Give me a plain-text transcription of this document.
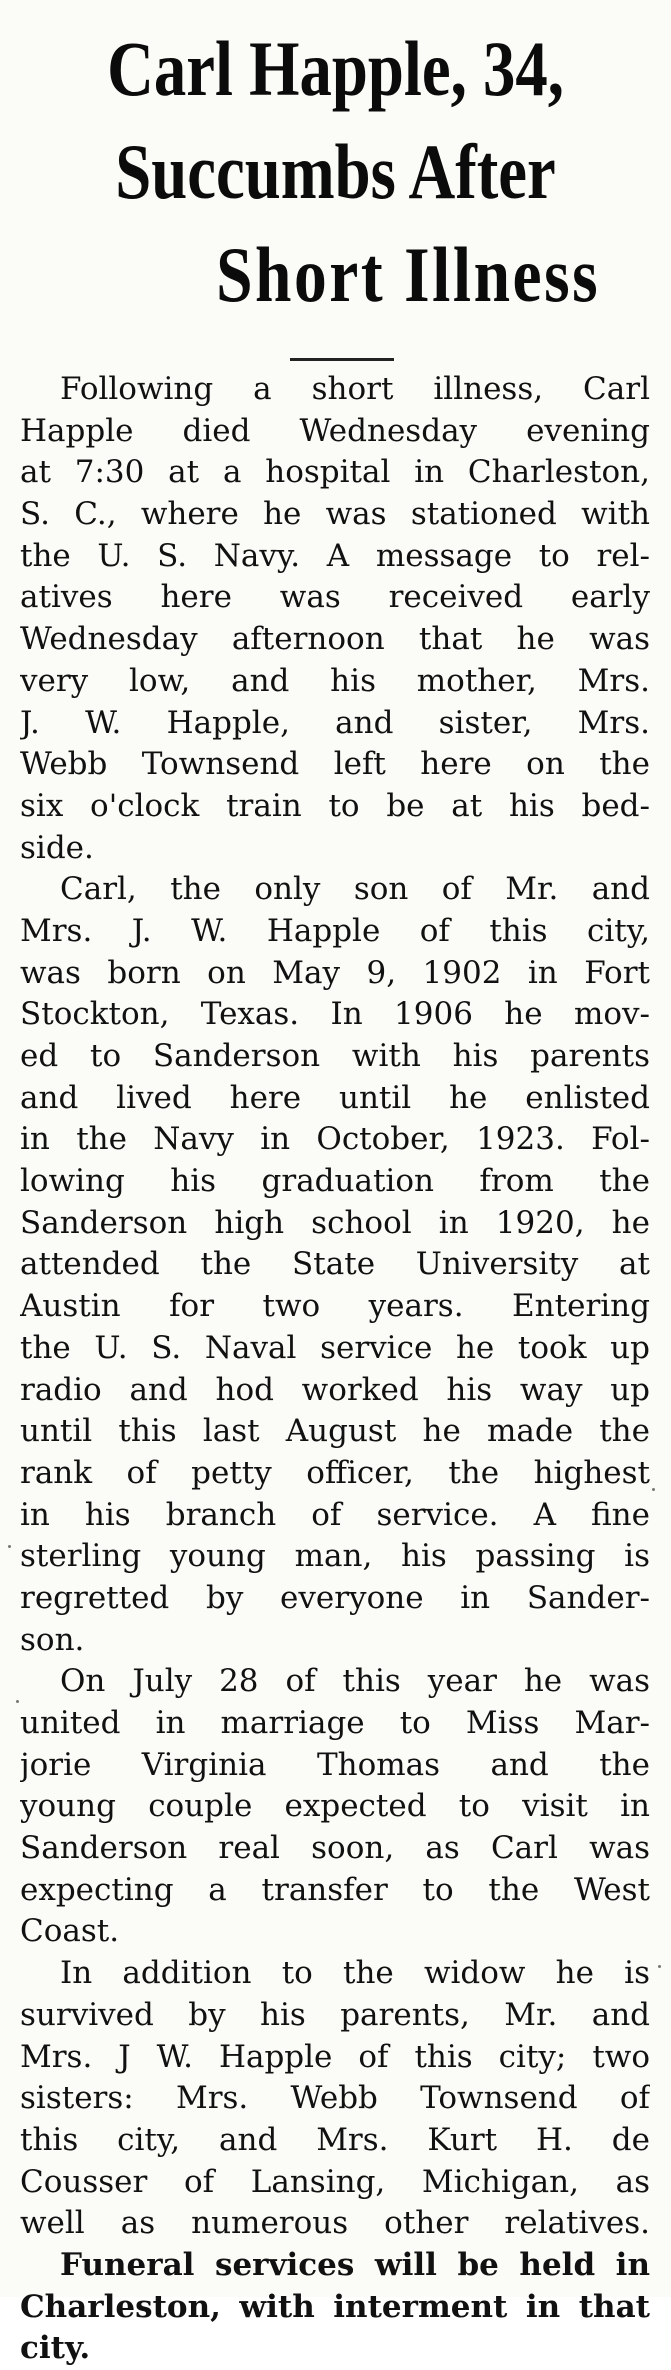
Carl Happle, 34,
Succumbs After
Short Illness
Following a short illness, Carl
Happle died Wednesday evening
at 7:30 at a hospital in Charleston,
S. C., where he was stationed with
the U. S. Navy. A message to rel-
atives here was received early
Wednesday afternoon that he was
very low, and his mother, Mrs.
J. W. Happle, and sister, Mrs.
Webb Townsend left here on the
six o'clock train to be at his bed-
side.
Carl, the only son of Mr. and
Mrs. J. W. Happle of this city,
was born on May 9, 1902 in Fort
Stockton, Texas. In 1906 he mov-
ed to Sanderson with his parents
and lived here until he enlisted
in the Navy in October, 1923. Fol-
lowing his graduation from the
Sanderson high school in 1920, he
attended the State University at
Austin for two years. Entering
the U. S. Naval service he took up
radio and hod worked his way up
until this last August he made the
rank of petty officer, the highest
in his branch of service. A fine
sterling young man, his passing is
regretted by everyone in Sander-
son.
On July 28 of this year he was
united in marriage to Miss Mar-
jorie Virginia Thomas and the
young couple expected to visit in
Sanderson real soon, as Carl was
expecting a transfer to the West
Coast.
In addition to the widow he is
survived by his parents, Mr. and
Mrs. J W. Happle of this city; two
sisters: Mrs. Webb Townsend of
this city, and Mrs. Kurt H. de
Cousser of Lansing, Michigan, as
well as numerous other relatives.
Funeral services will be held in
Charleston, with interment in that
city.
